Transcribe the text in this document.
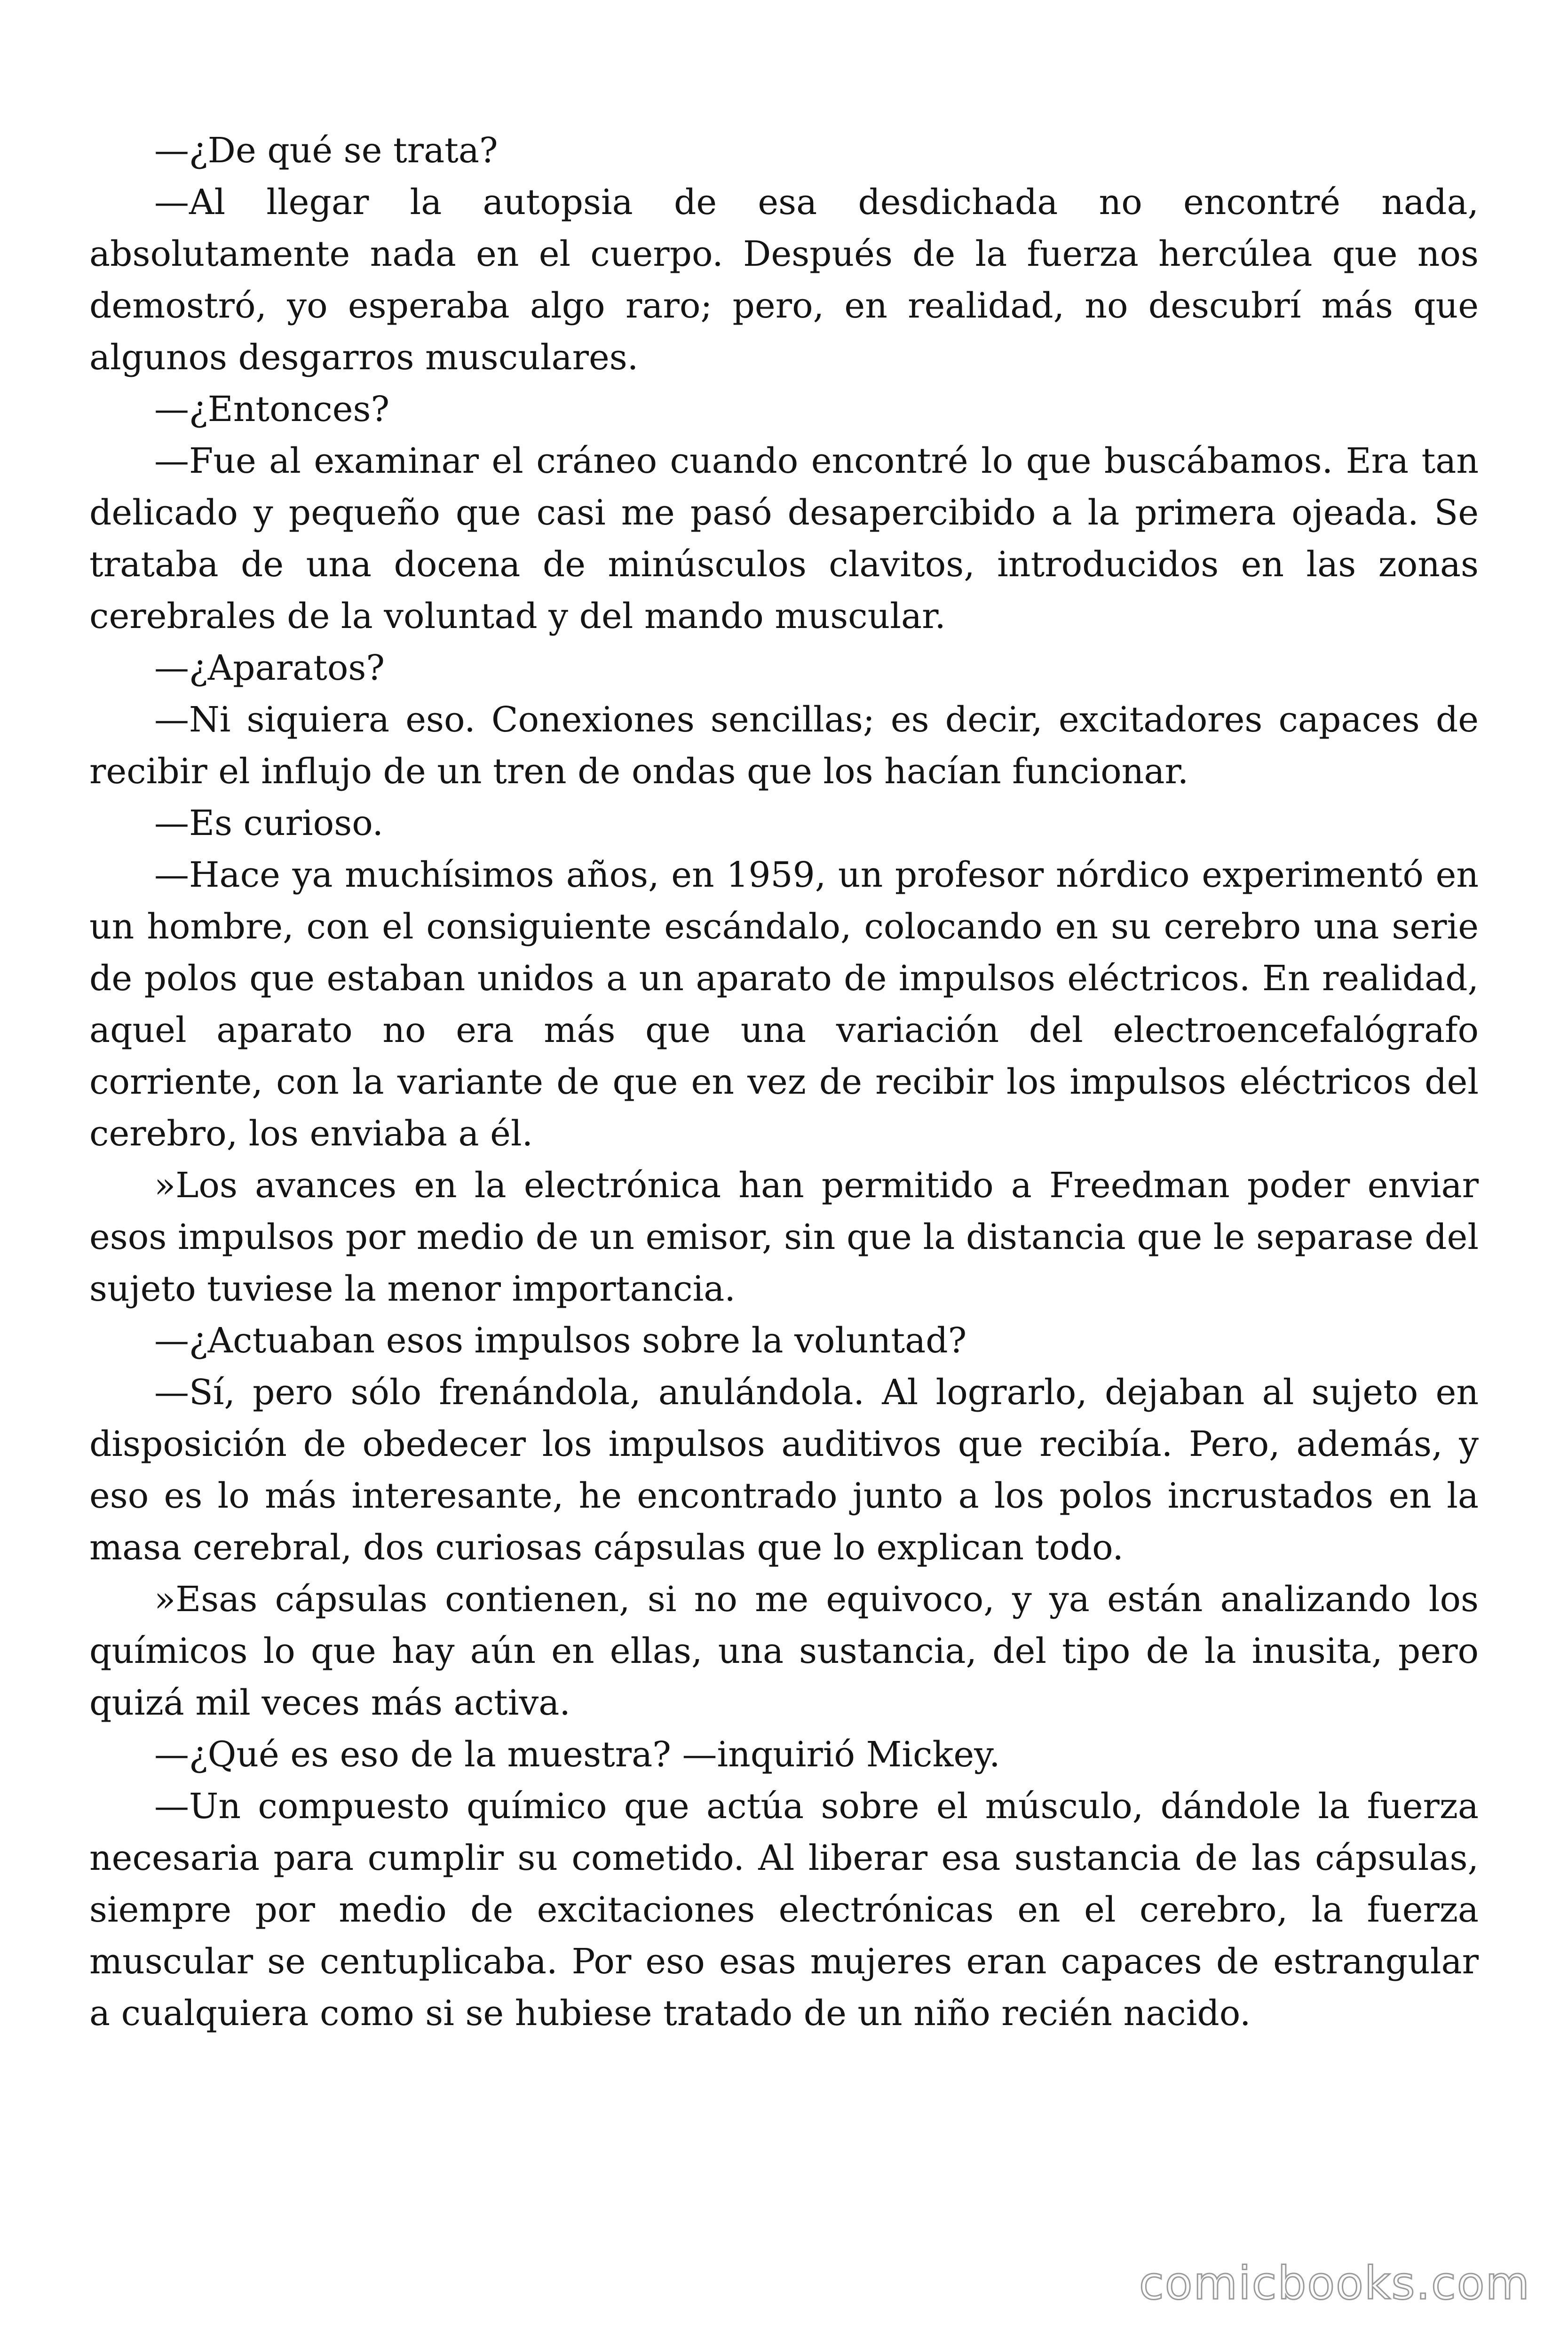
—¿De qué se trata?

—Al llegar la autopsia de esa desdichada no encontré nada, absolutamente nada en el cuerpo. Después de la fuerza hercúlea que nos demostró, yo esperaba algo raro; pero, en realidad, no descubrí más que algunos desgarros musculares.

—¿Entonces?

—Fue al examinar el cráneo cuando encontré lo que buscábamos. Era tan delicado y pequeño que casi me pasó desapercibido a la primera ojeada. Se trataba de una docena de minúsculos clavitos, introducidos en las zonas cerebrales de la voluntad y del mando muscular.

—¿Aparatos?

—Ni siquiera eso. Conexiones sencillas; es decir, excitadores capaces de recibir el influjo de un tren de ondas que los hacían funcionar.

—Es curioso.

—Hace ya muchísimos años, en 1959, un profesor nórdico experimentó en un hombre, con el consiguiente escándalo, colocando en su cerebro una serie de polos que estaban unidos a un aparato de impulsos eléctricos. En realidad, aquel aparato no era más que una variación del electroencefalógrafo corriente, con la variante de que en vez de recibir los impulsos eléctricos del cerebro, los enviaba a él.

»Los avances en la electrónica han permitido a Freedman poder enviar esos impulsos por medio de un emisor, sin que la distancia que le separase del sujeto tuviese la menor importancia.

—¿Actuaban esos impulsos sobre la voluntad?

—Sí, pero sólo frenándola, anulándola. Al lograrlo, dejaban al sujeto en disposición de obedecer los impulsos auditivos que recibía. Pero, además, y eso es lo más interesante, he encontrado junto a los polos incrustados en la masa cerebral, dos curiosas cápsulas que lo explican todo.

»Esas cápsulas contienen, si no me equivoco, y ya están analizando los químicos lo que hay aún en ellas, una sustancia, del tipo de la inusita, pero quizá mil veces más activa.

—¿Qué es eso de la muestra? —inquirió Mickey.

—Un compuesto químico que actúa sobre el músculo, dándole la fuerza necesaria para cumplir su cometido. Al liberar esa sustancia de las cápsulas, siempre por medio de excitaciones electrónicas en el cerebro, la fuerza muscular se centuplicaba. Por eso esas mujeres eran capaces de estrangular a cualquiera como si se hubiese tratado de un niño recién nacido.

comicbooks.com
